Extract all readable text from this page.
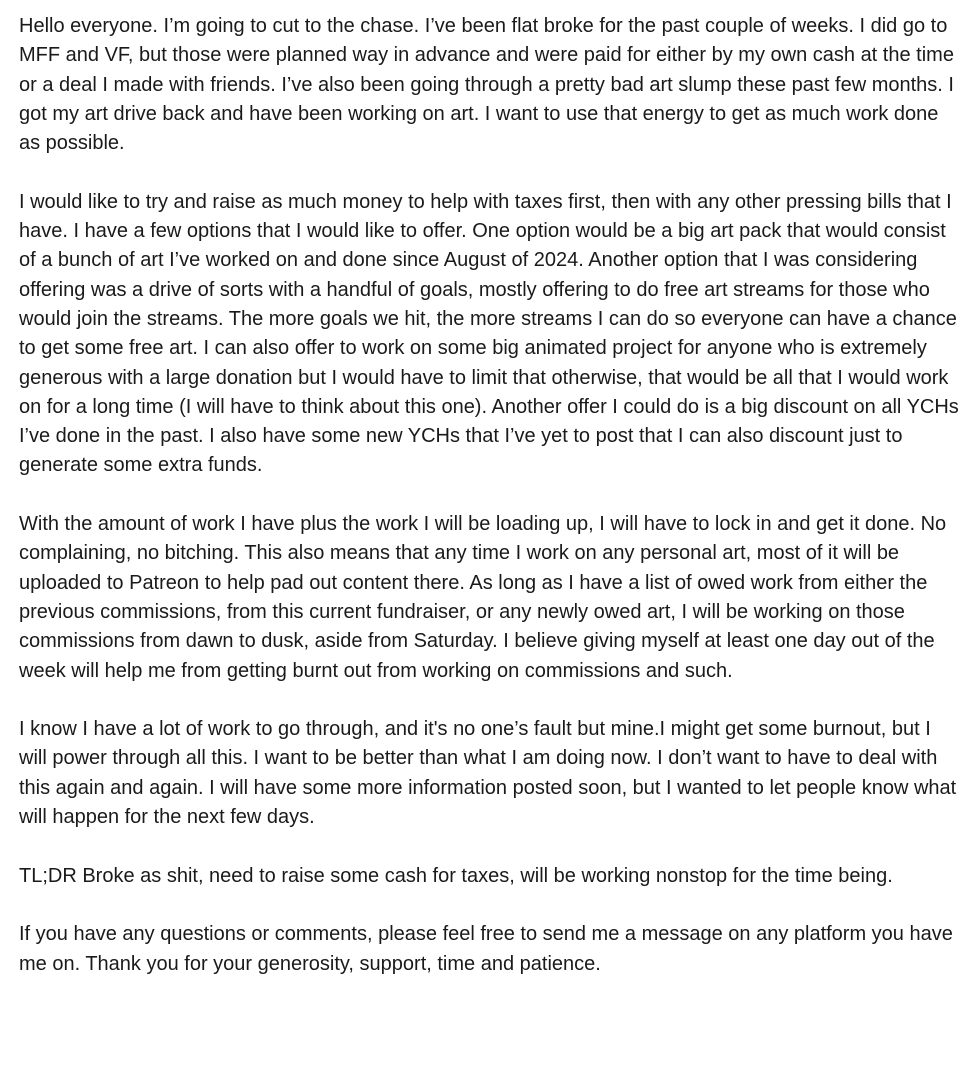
Hello everyone. I’m going to cut to the chase. I’ve been flat broke for the past couple of weeks. I did go to MFF and VF, but those were planned way in advance and were paid for either by my own cash at the time or a deal I made with friends. I’ve also been going through a pretty bad art slump these past few months. I got my art drive back and have been working on art. I want to use that energy to get as much work done as possible.

I would like to try and raise as much money to help with taxes first, then with any other pressing bills that I have. I have a few options that I would like to offer. One option would be a big art pack that would consist of a bunch of art I’ve worked on and done since August of 2024. Another option that I was considering offering was a drive of sorts with a handful of goals, mostly offering to do free art streams for those who would join the streams. The more goals we hit, the more streams I can do so everyone can have a chance to get some free art. I can also offer to work on some big animated project for anyone who is extremely generous with a large donation but I would have to limit that otherwise, that would be all that I would work on for a long time (I will have to think about this one). Another offer I could do is a big discount on all YCHs I’ve done in the past. I also have some new YCHs that I’ve yet to post that I can also discount just to generate some extra funds.

With the amount of work I have plus the work I will be loading up, I will have to lock in and get it done. No complaining, no bitching. This also means that any time I work on any personal art, most of it will be uploaded to Patreon to help pad out content there. As long as I have a list of owed work from either the previous commissions, from this current fundraiser, or any newly owed art, I will be working on those commissions from dawn to dusk, aside from Saturday. I believe giving myself at least one day out of the week will help me from getting burnt out from working on commissions and such.

I know I have a lot of work to go through, and it's no one’s fault but mine.I might get some burnout, but I will power through all this. I want to be better than what I am doing now. I don’t want to have to deal with this again and again. I will have some more information posted soon, but I wanted to let people know what will happen for the next few days.

TL;DR Broke as shit, need to raise some cash for taxes, will be working nonstop for the time being.

If you have any questions or comments, please feel free to send me a message on any platform you have me on. Thank you for your generosity, support, time and patience.
